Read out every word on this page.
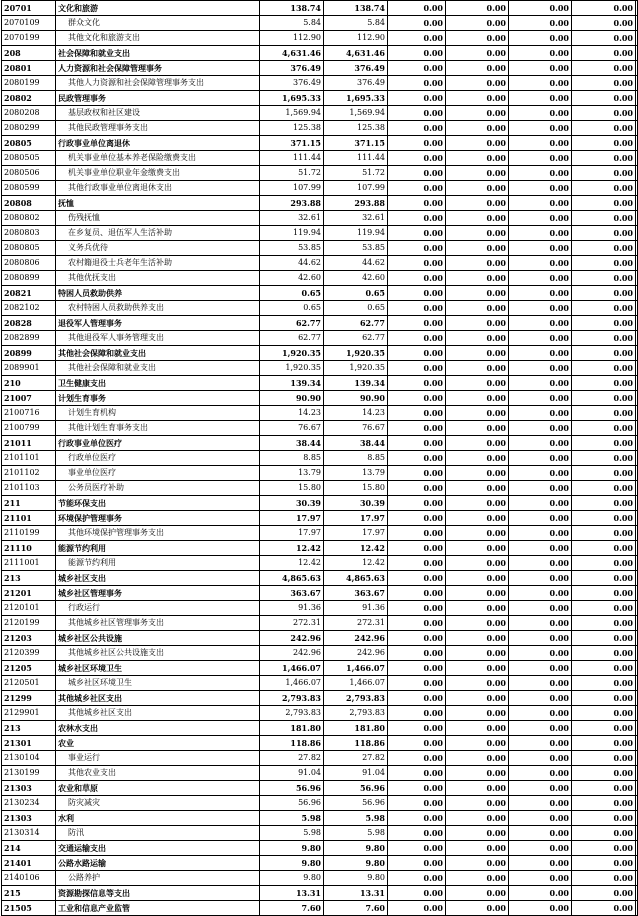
20701	文化和旅游	138.74	138.74	0.00	0.00	0.00	0.00	
2070109	群众文化	5.84	5.84	0.00	0.00	0.00	0.00	
2070199	其他文化和旅游支出	112.90	112.90	0.00	0.00	0.00	0.00	
208	社会保障和就业支出	4,631.46	4,631.46	0.00	0.00	0.00	0.00	
20801	人力资源和社会保障管理事务	376.49	376.49	0.00	0.00	0.00	0.00	
2080199	其他人力资源和社会保障管理事务支出	376.49	376.49	0.00	0.00	0.00	0.00	
20802	民政管理事务	1,695.33	1,695.33	0.00	0.00	0.00	0.00	
2080208	基层政权和社区建设	1,569.94	1,569.94	0.00	0.00	0.00	0.00	
2080299	其他民政管理事务支出	125.38	125.38	0.00	0.00	0.00	0.00	
20805	行政事业单位离退休	371.15	371.15	0.00	0.00	0.00	0.00	
2080505	机关事业单位基本养老保险缴费支出	111.44	111.44	0.00	0.00	0.00	0.00	
2080506	机关事业单位职业年金缴费支出	51.72	51.72	0.00	0.00	0.00	0.00	
2080599	其他行政事业单位离退休支出	107.99	107.99	0.00	0.00	0.00	0.00	
20808	抚恤	293.88	293.88	0.00	0.00	0.00	0.00	
2080802	伤残抚恤	32.61	32.61	0.00	0.00	0.00	0.00	
2080803	在乡复员、退伍军人生活补助	119.94	119.94	0.00	0.00	0.00	0.00	
2080805	义务兵优待	53.85	53.85	0.00	0.00	0.00	0.00	
2080806	农村籍退役士兵老年生活补助	44.62	44.62	0.00	0.00	0.00	0.00	
2080899	其他优抚支出	42.60	42.60	0.00	0.00	0.00	0.00	
20821	特困人员救助供养	0.65	0.65	0.00	0.00	0.00	0.00	
2082102	农村特困人员救助供养支出	0.65	0.65	0.00	0.00	0.00	0.00	
20828	退役军人管理事务	62.77	62.77	0.00	0.00	0.00	0.00	
2082899	其他退役军人事务管理支出	62.77	62.77	0.00	0.00	0.00	0.00	
20899	其他社会保障和就业支出	1,920.35	1,920.35	0.00	0.00	0.00	0.00	
2089901	其他社会保障和就业支出	1,920.35	1,920.35	0.00	0.00	0.00	0.00	
210	卫生健康支出	139.34	139.34	0.00	0.00	0.00	0.00	
21007	计划生育事务	90.90	90.90	0.00	0.00	0.00	0.00	
2100716	计划生育机构	14.23	14.23	0.00	0.00	0.00	0.00	
2100799	其他计划生育事务支出	76.67	76.67	0.00	0.00	0.00	0.00	
21011	行政事业单位医疗	38.44	38.44	0.00	0.00	0.00	0.00	
2101101	行政单位医疗	8.85	8.85	0.00	0.00	0.00	0.00	
2101102	事业单位医疗	13.79	13.79	0.00	0.00	0.00	0.00	
2101103	公务员医疗补助	15.80	15.80	0.00	0.00	0.00	0.00	
211	节能环保支出	30.39	30.39	0.00	0.00	0.00	0.00	
21101	环境保护管理事务	17.97	17.97	0.00	0.00	0.00	0.00	
2110199	其他环境保护管理事务支出	17.97	17.97	0.00	0.00	0.00	0.00	
21110	能源节约利用	12.42	12.42	0.00	0.00	0.00	0.00	
2111001	能源节约利用	12.42	12.42	0.00	0.00	0.00	0.00	
213	城乡社区支出	4,865.63	4,865.63	0.00	0.00	0.00	0.00	
21201	城乡社区管理事务	363.67	363.67	0.00	0.00	0.00	0.00	
2120101	行政运行	91.36	91.36	0.00	0.00	0.00	0.00	
2120199	其他城乡社区管理事务支出	272.31	272.31	0.00	0.00	0.00	0.00	
21203	城乡社区公共设施	242.96	242.96	0.00	0.00	0.00	0.00	
2120399	其他城乡社区公共设施支出	242.96	242.96	0.00	0.00	0.00	0.00	
21205	城乡社区环境卫生	1,466.07	1,466.07	0.00	0.00	0.00	0.00	
2120501	城乡社区环境卫生	1,466.07	1,466.07	0.00	0.00	0.00	0.00	
21299	其他城乡社区支出	2,793.83	2,793.83	0.00	0.00	0.00	0.00	
2129901	其他城乡社区支出	2,793.83	2,793.83	0.00	0.00	0.00	0.00	
213	农林水支出	181.80	181.80	0.00	0.00	0.00	0.00	
21301	农业	118.86	118.86	0.00	0.00	0.00	0.00	
2130104	事业运行	27.82	27.82	0.00	0.00	0.00	0.00	
2130199	其他农业支出	91.04	91.04	0.00	0.00	0.00	0.00	
21303	农业和草原	56.96	56.96	0.00	0.00	0.00	0.00	
2130234	防灾减灾	56.96	56.96	0.00	0.00	0.00	0.00	
21303	水利	5.98	5.98	0.00	0.00	0.00	0.00	
2130314	防汛	5.98	5.98	0.00	0.00	0.00	0.00	
214	交通运输支出	9.80	9.80	0.00	0.00	0.00	0.00	
21401	公路水路运输	9.80	9.80	0.00	0.00	0.00	0.00	
2140106	公路养护	9.80	9.80	0.00	0.00	0.00	0.00	
215	资源勘探信息等支出	13.31	13.31	0.00	0.00	0.00	0.00	
21505	工业和信息产业监管	7.60	7.60	0.00	0.00	0.00	0.00	
